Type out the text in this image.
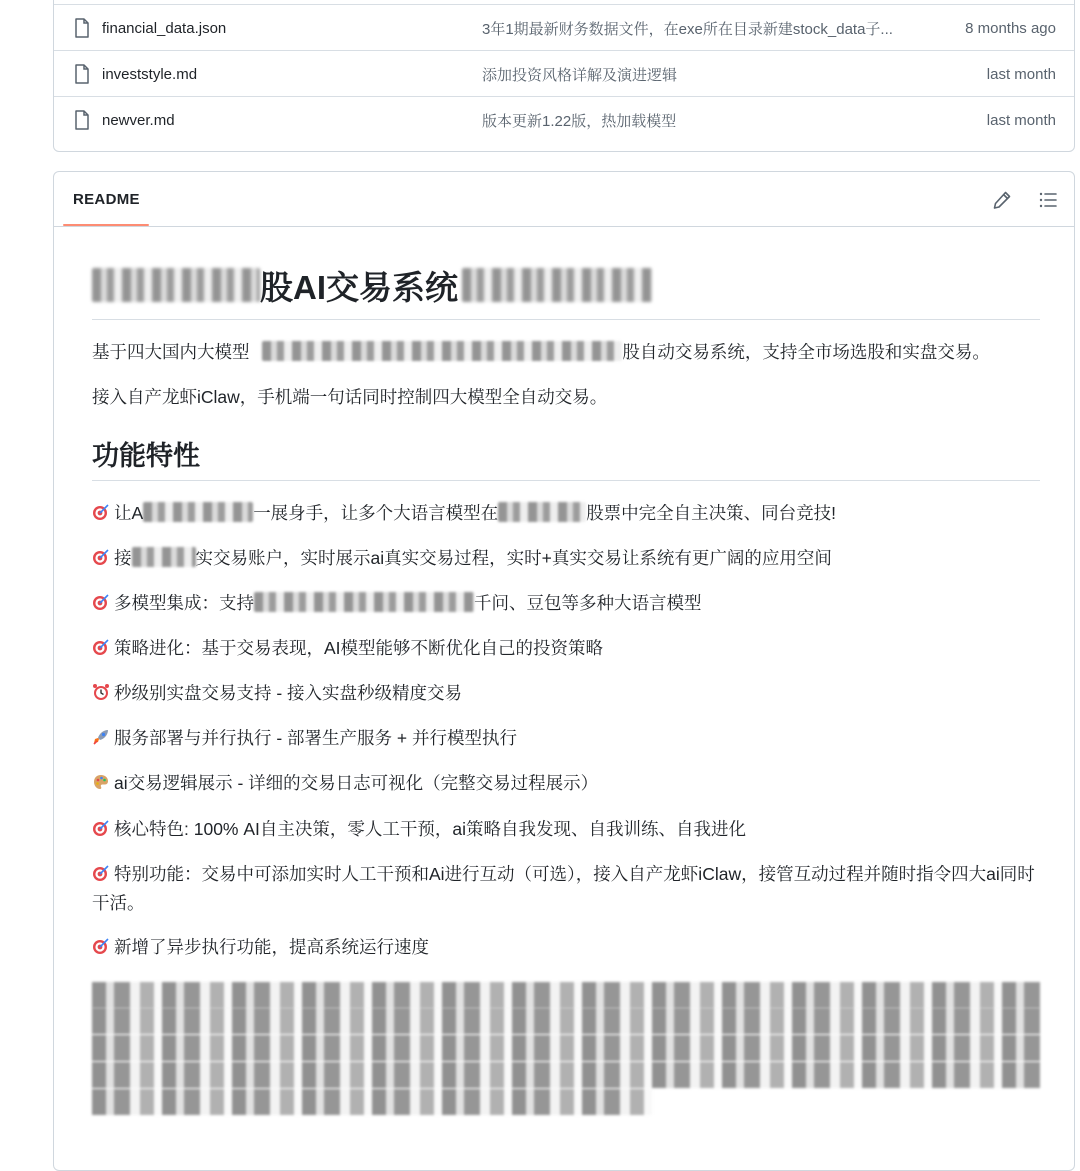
financial_data.json	3年1期最新财务数据文件，在exe所在目录新建stock_data子...	8 months ago
investstyle.md	添加投资风格详解及演进逻辑	last month
newver.md	版本更新1.22版，热加载模型	last month
README
股AI交易系统
基于四大国内大模型	股自动交易系统，支持全市场选股和实盘交易。
接入自产龙虾iClaw，手机端一句话同时控制四大模型全自动交易。
功能特性
让A	一展身手，让多个大语言模型在	股票中完全自主决策、同台竞技!
接	实交易账户，实时展示ai真实交易过程，实时+真实交易让系统有更广阔的应用空间
多模型集成：支持	千问、豆包等多种大语言模型
策略进化：基于交易表现，AI模型能够不断优化自己的投资策略
秒级别实盘交易支持 - 接入实盘秒级精度交易
服务部署与并行执行 - 部署生产服务 + 并行模型执行
ai交易逻辑展示 - 详细的交易日志可视化（完整交易过程展示）
核心特色: 100% AI自主决策，零人工干预，ai策略自我发现、自我训练、自我进化
特别功能：交易中可添加实时人工干预和Ai进行互动（可选），接入自产龙虾iClaw，接管互动过程并随时指令四大ai同时干活。
新增了异步执行功能，提高系统运行速度
